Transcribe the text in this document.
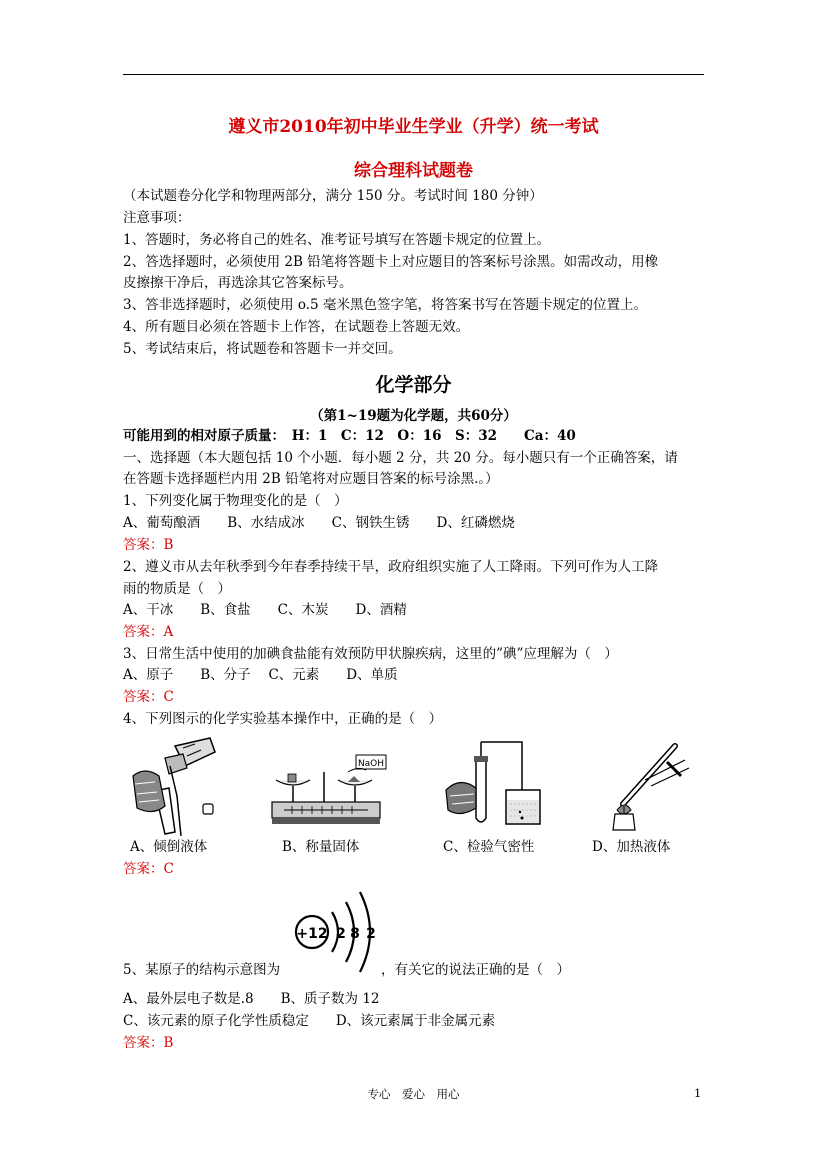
遵义市2010年初中毕业生学业（升学）统一考试
综合理科试题卷
（本试题卷分化学和物理两部分，满分 150 分。考试时间 180 分钟）
注意事项：
1、答题时，务必将自己的姓名、准考证号填写在答题卡规定的位置上。
2、答选择题时，必须使用 2B 铅笔将答题卡上对应题目的答案标号涂黑。如需改动，用橡
皮擦擦干净后，再选涂其它答案标号。
3、答非选择题时，必须使用 o.5 毫米黑色签字笔，将答案书写在答题卡规定的位置上。
4、所有题目必须在答题卡上作答，在试题卷上答题无效。
5、考试结束后，将试题卷和答题卡一并交回。
化学部分
（第1~19题为化学题，共60分）
可能用到的相对原子质量：　H：1　C：12　O：16　S：32　　Ca：40
一、选择题（本大题包括 10 个小题．每小题 2 分，共 20 分。每小题只有一个正确答案，请
在答题卡选择题栏内用 2B 铅笔将对应题目答案的标号涂黑.。）
1、下列变化属于物理变化的是（　）
A、葡萄酿酒　　B、水结成冰　　C、钢铁生锈　　D、红磷燃烧
答案：B
2、遵义市从去年秋季到今年春季持续干旱，政府组织实施了人工降雨。下列可作为人工降
雨的物质是（　）
A、干冰　　B、食盐　　C、木炭　　D、酒精
答案：A
3、日常生活中使用的加碘食盐能有效预防甲状腺疾病，这里的”碘”应理解为（　）
A、原子　　B、分子　 C、元素　　D、单质
答案：C
4、下列图示的化学实验基本操作中，正确的是（　）
NaOH
A、倾倒液体	B、称量固体	C、检验气密性	D、加热液体
答案：C
+12 2 8 2
5、某原子的结构示意图为	，有关它的说法正确的是（　）
A、最外层电子数是.8　　B、质子数为 12
C、该元素的原子化学性质稳定　　D、该元素属于非金属元素
答案：B
专心　爱心　用心	1
